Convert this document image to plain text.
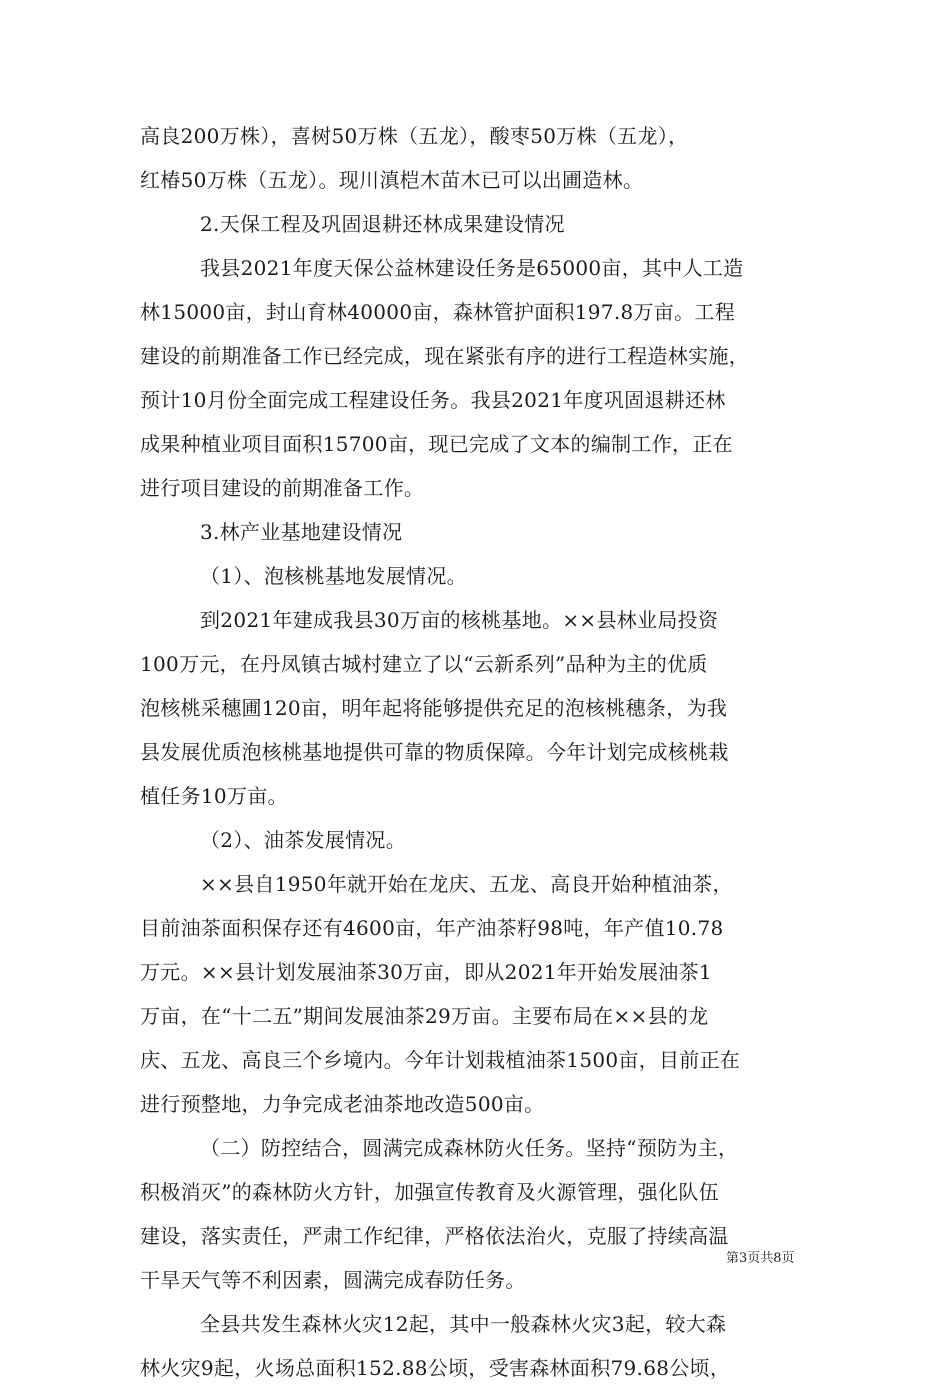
高良200万株），喜树50万株（五龙），酸枣50万株（五龙），
红椿50万株（五龙）。现川滇桤木苗木已可以出圃造林。
2.天保工程及巩固退耕还林成果建设情况
我县2021年度天保公益林建设任务是65000亩，其中人工造
林15000亩，封山育林40000亩，森林管护面积197.8万亩。工程
建设的前期准备工作已经完成，现在紧张有序的进行工程造林实施，
预计10月份全面完成工程建设任务。我县2021年度巩固退耕还林
成果种植业项目面积15700亩，现已完成了文本的编制工作，正在
进行项目建设的前期准备工作。
3.林产业基地建设情况
（1）、泡核桃基地发展情况。
到2021年建成我县30万亩的核桃基地。××县林业局投资
100万元，在丹凤镇古城村建立了以“云新系列”品种为主的优质
泡核桃采穗圃120亩，明年起将能够提供充足的泡核桃穗条，为我
县发展优质泡核桃基地提供可靠的物质保障。今年计划完成核桃栽
植任务10万亩。
（2）、油茶发展情况。
××县自1950年就开始在龙庆、五龙、高良开始种植油茶，
目前油茶面积保存还有4600亩，年产油茶籽98吨，年产值10.78
万元。××县计划发展油茶30万亩，即从2021年开始发展油茶1
万亩，在“十二五”期间发展油茶29万亩。主要布局在××县的龙
庆、五龙、高良三个乡境内。今年计划栽植油茶1500亩，目前正在
进行预整地，力争完成老油茶地改造500亩。
（二）防控结合，圆满完成森林防火任务。坚持“预防为主，
积极消灭”的森林防火方针，加强宣传教育及火源管理，强化队伍
建设，落实责任，严肃工作纪律，严格依法治火，克服了持续高温
干旱天气等不利因素，圆满完成春防任务。
全县共发生森林火灾12起，其中一般森林火灾3起，较大森
林火灾9起，火场总面积152.88公顷，受害森林面积79.68公顷，
第3页共8页
